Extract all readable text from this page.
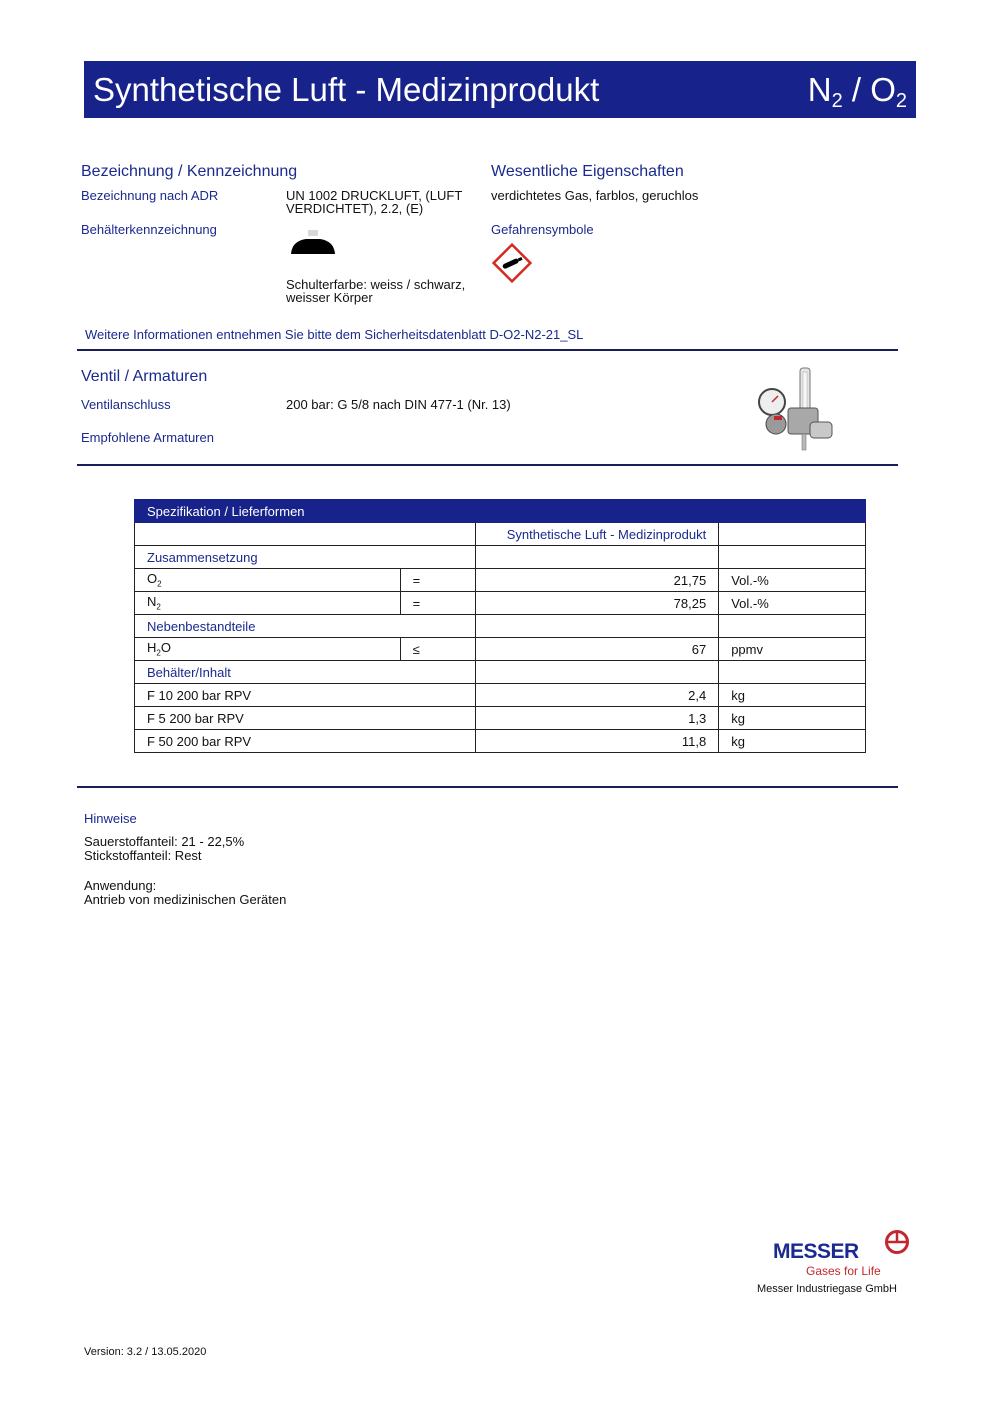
Synthetische Luft - Medizinprodukt	$N_2 / O_2$
Bezeichnung / Kennzeichnung
Bezeichnung nach ADR	UN 1002 DRUCKLUFT, (LUFT
VERDICHTET), 2.2, (E)
Behälterkennzeichnung
Schulterfarbe: weiss / schwarz,
weisser Körper
Wesentliche Eigenschaften
verdichtetes Gas, farblos, geruchlos
Gefahrensymbole
Weitere Informationen entnehmen Sie bitte dem Sicherheitsdatenblatt D-O2-N2-21_SL
Ventil / Armaturen
Ventilanschluss	200 bar: G 5/8 nach DIN 477-1 (Nr. 13)
Empfohlene Armaturen
Spezifikation / Lieferformen			
		Synthetische Luft - Medizinprodukt	
Zusammensetzung			
$O_2$	=	21,75	Vol.-%
$N_2$	=	78,25	Vol.-%
Nebenbestandteile			
$H_2O$	≤	67	ppmv
Behälter/Inhalt			
F 10 200 bar RPV		2,4	kg
F 5 200 bar RPV		1,3	kg
F 50 200 bar RPV		11,8	kg
Hinweise
Sauerstoffanteil: 21 - 22,5%
Stickstoffanteil: Rest
Anwendung:
Antrieb von medizinischen Geräten
MESSER
Gases for Life
Messer Industriegase GmbH
Version: 3.2 / 13.05.2020
